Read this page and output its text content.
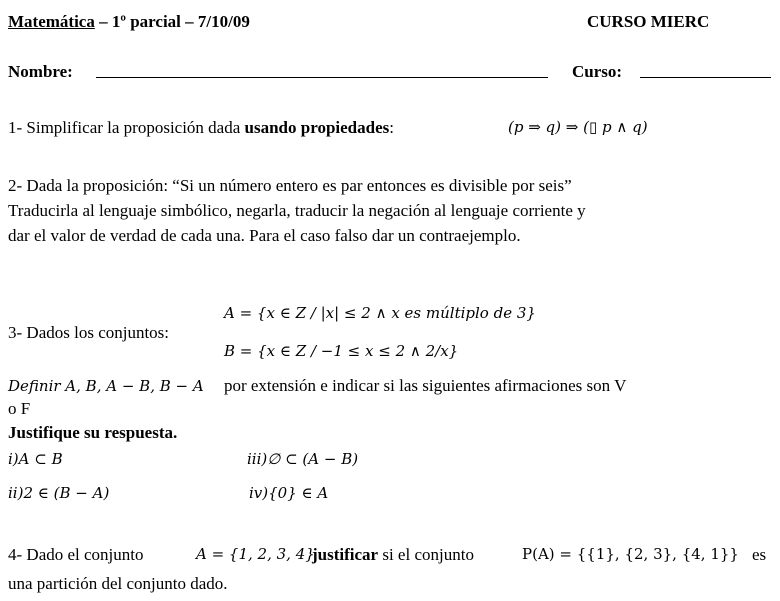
Matemática – 1º parcial – 7/10/09	CURSO MIERC
Nombre:	Curso:
1- Simplificar la proposición dada usando propiedades:	(p ⇒ q) ⇒ (▯ p ∧ q)
2- Dada la proposición: “Si un número entero es par entonces es divisible por seis”
Traducirla al lenguaje simbólico, negarla, traducir la negación al lenguaje corriente y
dar el valor de verdad de cada una. Para el caso falso dar un contraejemplo.
3- Dados los conjuntos:
A = {x ∈ Z / |x| ≤ 2 ∧ x es múltiplo de 3}
B = {x ∈ Z / −1 ≤ x ≤ 2 ∧ 2/x}
Definir A, B, A − B, B − A por extensión e indicar si las siguientes afirmaciones son V
o F
Justifique su respuesta.
i)A ⊂ B	iii)∅ ⊂ (A − B)
ii)2 ∈ (B − A)	iv){0} ∈ A
4- Dado el conjunto	A = {1, 2, 3, 4}
justificar si el conjunto	P(A) = {{1}, {2, 3}, {4, 1}} es
una partición del conjunto dado.
